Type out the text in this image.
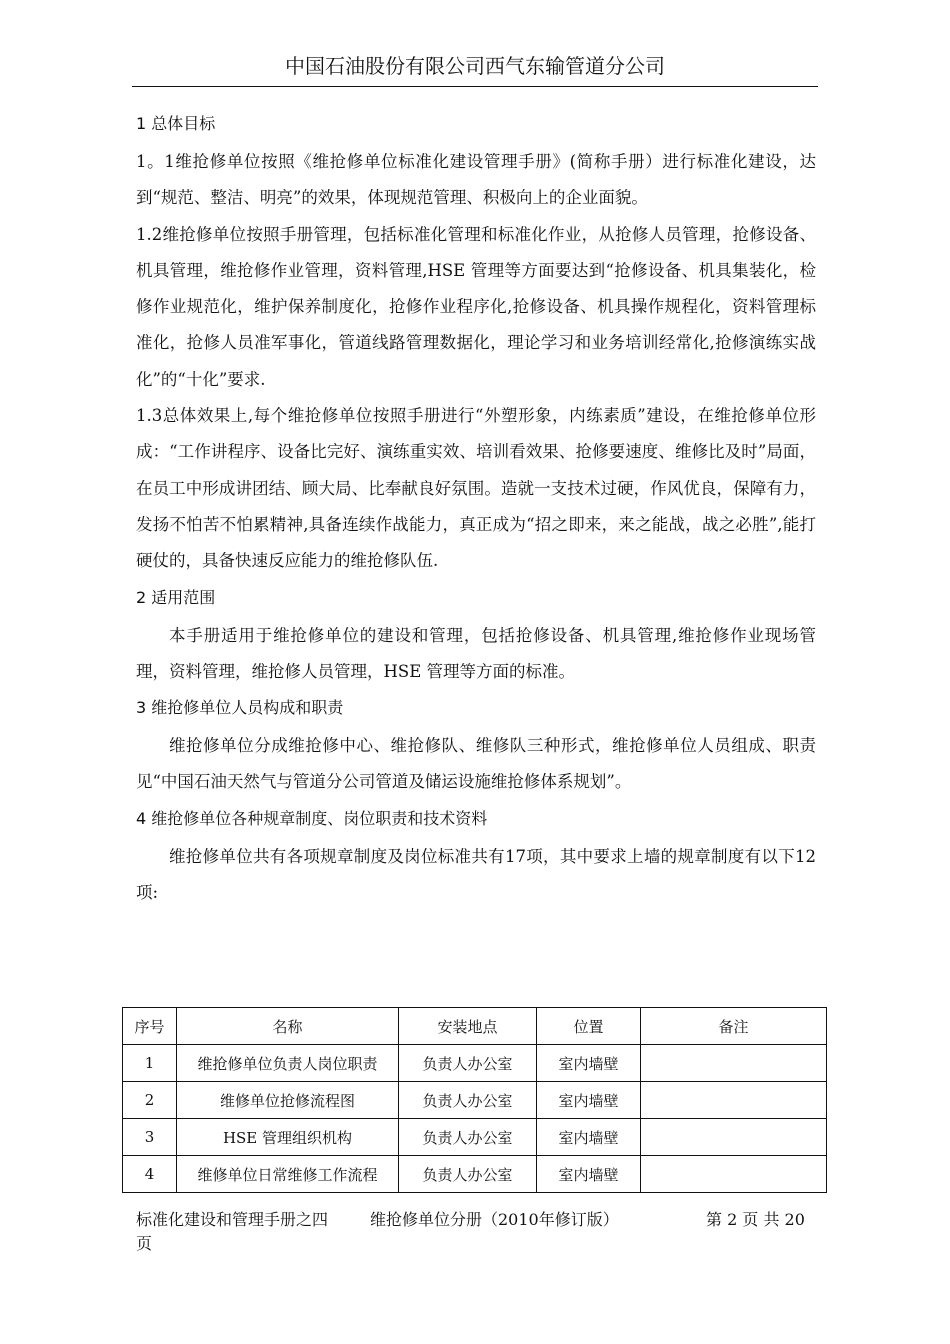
中国石油股份有限公司西气东输管道分公司
1 总体目标

1。1维抢修单位按照《维抢修单位标准化建设管理手册》(简称手册）进行标准化建设，达到“规范、整洁、明亮”的效果，体现规范管理、积极向上的企业面貌。

1.2维抢修单位按照手册管理，包括标准化管理和标准化作业，从抢修人员管理，抢修设备、机具管理，维抢修作业管理，资料管理,HSE 管理等方面要达到“抢修设备、机具集装化，检修作业规范化，维护保养制度化，抢修作业程序化,抢修设备、机具操作规程化，资料管理标准化，抢修人员准军事化，管道线路管理数据化，理论学习和业务培训经常化,抢修演练实战化”的“十化”要求.

1.3总体效果上,每个维抢修单位按照手册进行“外塑形象，内练素质”建设，在维抢修单位形成：“工作讲程序、设备比完好、演练重实效、培训看效果、抢修要速度、维修比及时”局面，在员工中形成讲团结、顾大局、比奉献良好氛围。造就一支技术过硬，作风优良，保障有力，发扬不怕苦不怕累精神,具备连续作战能力，真正成为“招之即来，来之能战，战之必胜”,能打硬仗的，具备快速反应能力的维抢修队伍.

2 适用范围

本手册适用于维抢修单位的建设和管理，包括抢修设备、机具管理,维抢修作业现场管理，资料管理，维抢修人员管理，HSE 管理等方面的标准。

3 维抢修单位人员构成和职责

维抢修单位分成维抢修中心、维抢修队、维修队三种形式，维抢修单位人员组成、职责见“中国石油天然气与管道分公司管道及储运设施维抢修体系规划”。

4 维抢修单位各种规章制度、岗位职责和技术资料

维抢修单位共有各项规章制度及岗位标准共有17项，其中要求上墙的规章制度有以下12项:

序号	名称	安装地点	位置	备注
1	维抢修单位负责人岗位职责	负责人办公室	室内墙壁	
2	维修单位抢修流程图	负责人办公室	室内墙壁	
3	HSE 管理组织机构	负责人办公室	室内墙壁	
4	维修单位日常维修工作流程	负责人办公室	室内墙壁	
标准化建设和管理手册之四	维抢修单位分册（2010年修订版）	第 2 页 共 20
页
